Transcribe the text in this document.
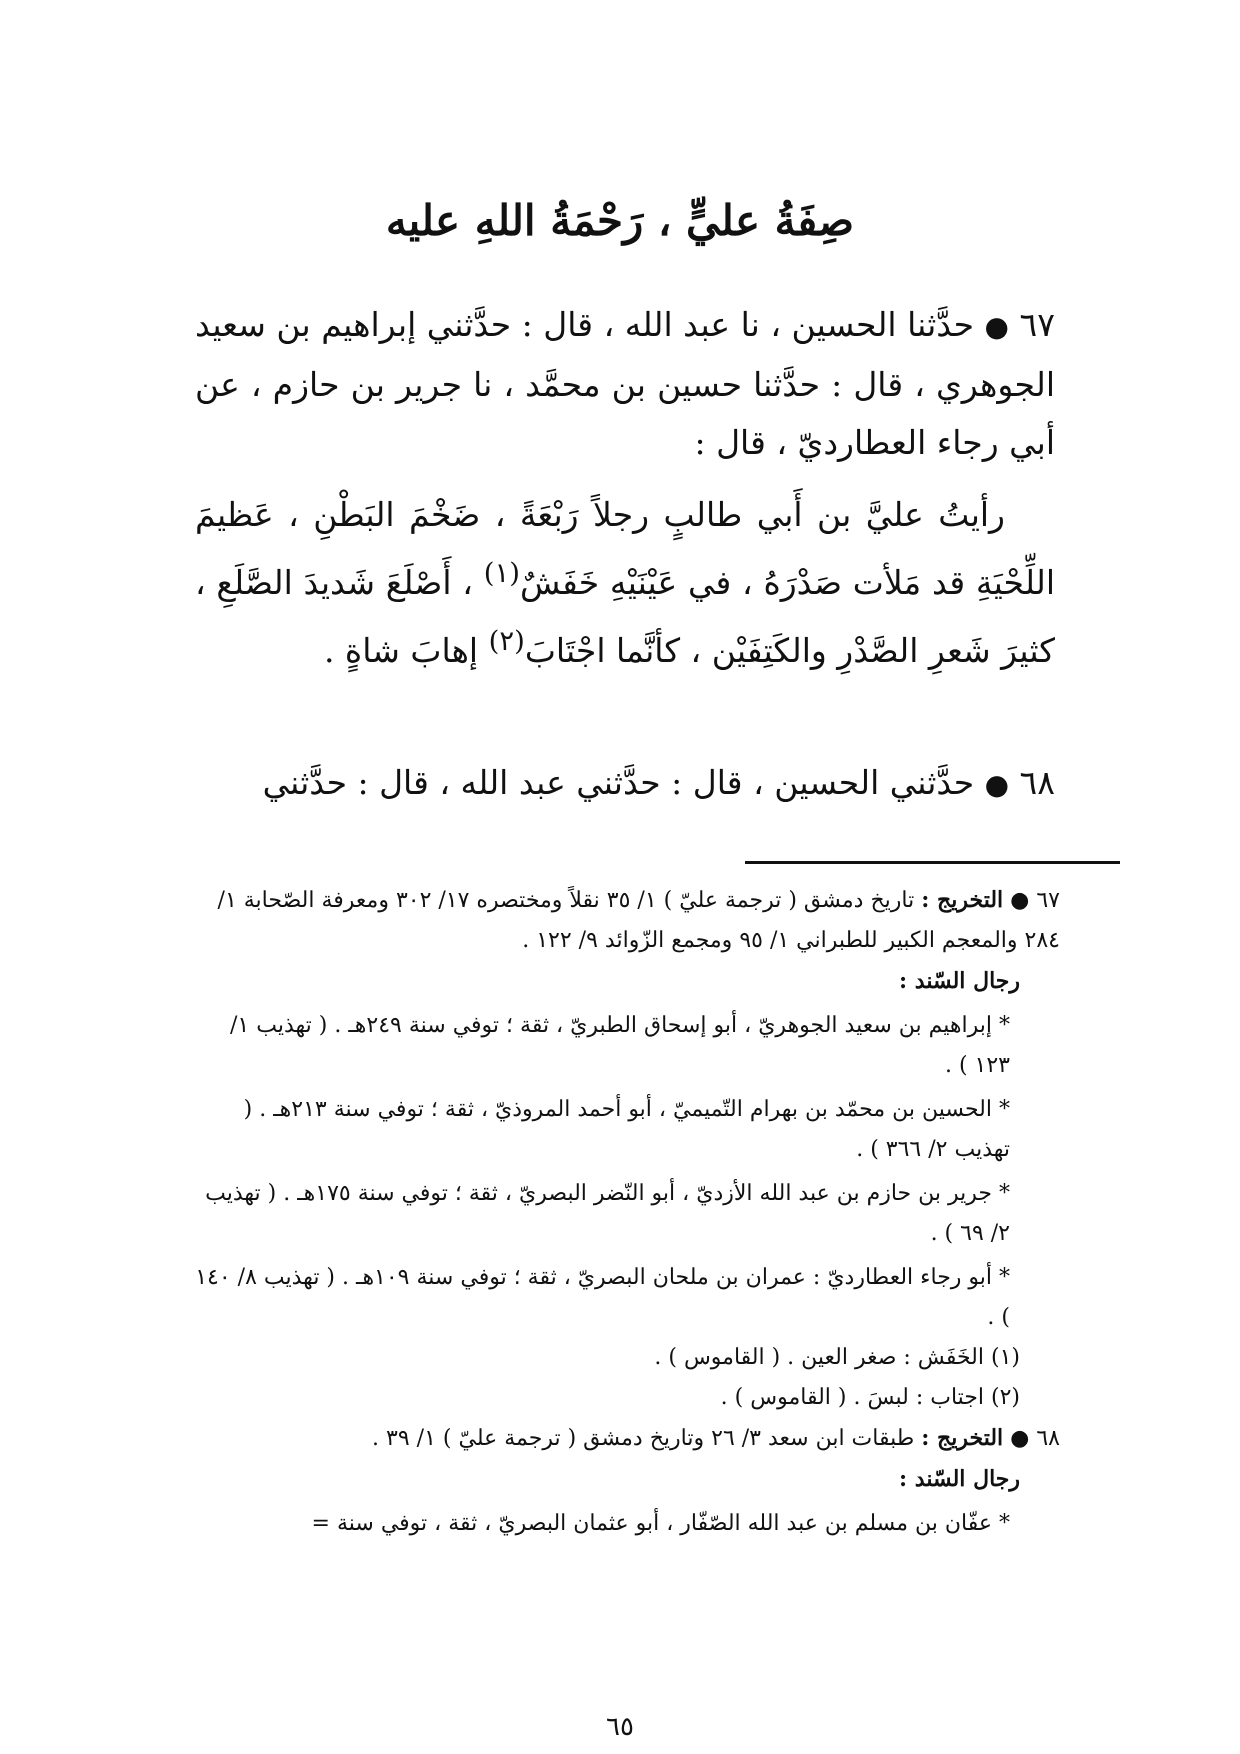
صِفَةُ عليٍّ ، رَحْمَةُ اللهِ عليه

٦٧ ● حدَّثنا الحسين ، نا عبد الله ، قال : حدَّثني إبراهيم بن سعيد الجوهري ، قال : حدَّثنا حسين بن محمَّد ، نا جرير بن حازم ، عن أبي رجاء العطارديّ ، قال :

رأيتُ عليَّ بن أَبي طالبٍ رجلاً رَبْعَةً ، ضَخْمَ البَطْنِ ، عَظيمَ اللِّحْيَةِ قد مَلأت صَدْرَهُ ، في عَيْنَيْهِ خَفَشٌ$^{(١)}$ ، أَصْلَعَ شَديدَ الصَّلَعِ ، كثيرَ شَعرِ الصَّدْرِ والكَتِفَيْن ، كأنَّما اجْتَابَ$^{(٢)}$ إهابَ شاةٍ .

٦٨ ● حدَّثني الحسين ، قال : حدَّثني عبد الله ، قال : حدَّثني

٦٧ ● التخريج : تاريخ دمشق ( ترجمة عليّ ) ١/ ٣٥ نقلاً ومختصره ١٧/ ٣٠٢ ومعرفة الصّحابة ١/ ٢٨٤ والمعجم الكبير للطبراني ١/ ٩٥ ومجمع الزّوائد ٩/ ١٢٢ .

رجال السّند :

* إبراهيم بن سعيد الجوهريّ ، أبو إسحاق الطبريّ ، ثقة ؛ توفي سنة ٢٤٩هـ . ( تهذيب ١/ ١٢٣ ) .

* الحسين بن محمّد بن بهرام التّميميّ ، أبو أحمد المروذيّ ، ثقة ؛ توفي سنة ٢١٣هـ . ( تهذيب ٢/ ٣٦٦ ) .

* جرير بن حازم بن عبد الله الأزديّ ، أبو النّضر البصريّ ، ثقة ؛ توفي سنة ١٧٥هـ . ( تهذيب ٢/ ٦٩ ) .

* أبو رجاء العطارديّ : عمران بن ملحان البصريّ ، ثقة ؛ توفي سنة ١٠٩هـ . ( تهذيب ٨/ ١٤٠ ) .

(١) الخَفَش : صغر العين . ( القاموس ) .

(٢) اجتاب : لبسَ . ( القاموس ) .

٦٨ ● التخريج : طبقات ابن سعد ٣/ ٢٦ وتاريخ دمشق ( ترجمة عليّ ) ١/ ٣٩ .

رجال السّند :

* عفّان بن مسلم بن عبد الله الصّفّار ، أبو عثمان البصريّ ، ثقة ، توفي سنة =

٦٥
